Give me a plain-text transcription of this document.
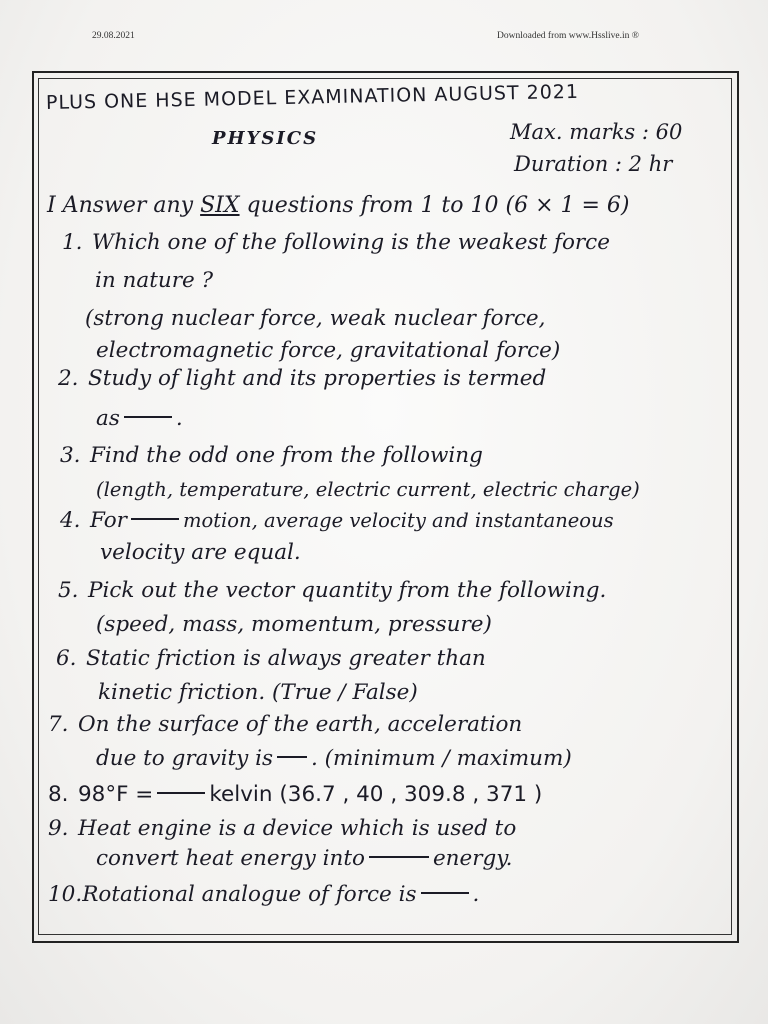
29.08.2021	Downloaded from www.Hsslive.in ®
PLUS ONE HSE MODEL EXAMINATION AUGUST 2021
PHYSICS	Max. marks : 60
Duration : 2 hr
I Answer any SIX questions from 1 to 10 (6 × 1 = 6)
1. Which one of the following is the weakest force
in nature ?
(strong nuclear force, weak nuclear force,
electromagnetic force, gravitational force)
2. Study of light and its properties is termed
as	.
3. Find the odd one from the following
(length, temperature, electric current, electric charge)
4. For	motion, average velocity and instantaneous
velocity are equal.
5. Pick out the vector quantity from the following.
(speed, mass, momentum, pressure)
6. Static friction is always greater than
kinetic friction. (True / False)
7. On the surface of the earth, acceleration
due to gravity is . (minimum / maximum)
8. 98°F =	kelvin (36.7 , 40 , 309.8 , 371 )
9. Heat engine is a device which is used to
convert heat energy into	energy.
10.Rotational analogue of force is	.
